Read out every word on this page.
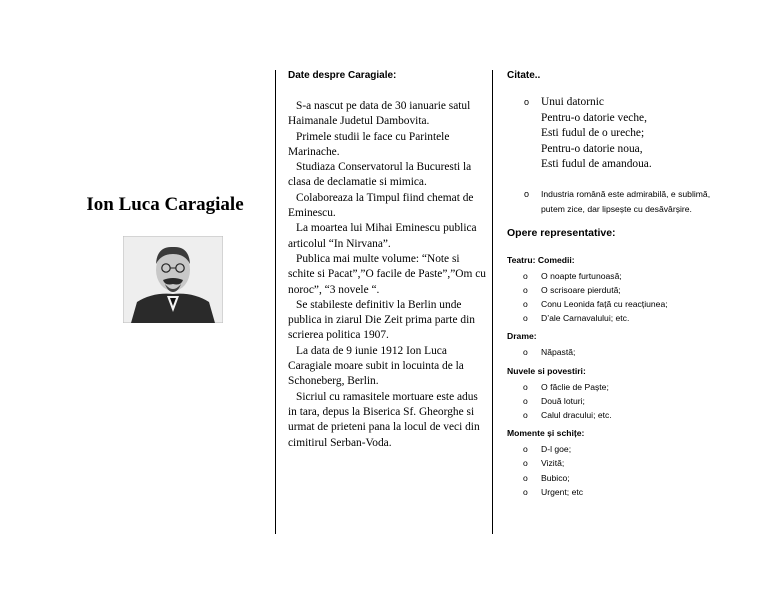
Ion Luca Caragiale
Date despre Caragiale:

S-a nascut pe data de 30 ianuarie satul Haimanale Judetul Dambovita.

Primele studii le face cu Parintele Marinache.

Studiaza Conservatorul la Bucuresti la clasa de declamatie si mimica.

Colaboreaza la Timpul fiind chemat de Eminescu.

La moartea lui Mihai Eminescu publica articolul “In Nirvana”.

Publica mai multe volume: “Note si schite si Pacat”,”O facile de Paste”,”Om cu noroc”, “3 novele “.

Se stabileste definitiv la Berlin unde publica in ziarul Die Zeit prima parte din scrierea politica 1907.

La data de 9 iunie 1912 Ion Luca Caragiale moare subit in locuinta de la Schoneberg, Berlin.

Sicriul cu ramasitele mortuare este adus in tara, depus la Biserica Sf. Gheorghe si urmat de prieteni pana la locul de veci din cimitirul Serban-Voda.

Citate..
o Unui datornic
Pentru-o datorie veche,
Esti fudul de o ureche;
Pentru-o datorie noua,
Esti fudul de amandoua.
o Industria română este admirabilă, e sublimă, putem zice, dar lipsește cu desăvârșire.
Opere representative:
Teatru: Comedii:
o O noapte furtunoasă;
o O scrisoare pierdută;
o Conu Leonida față cu reacțiunea;
o D’ale Carnavalului; etc.
Drame:
o Năpastă;
Nuvele si povestiri:
o O făclie de Paște;
o Două loturi;
o Calul dracului; etc.
Momente și schițe:
o D-l goe;
o Vizită;
o Bubico;
o Urgent; etc
